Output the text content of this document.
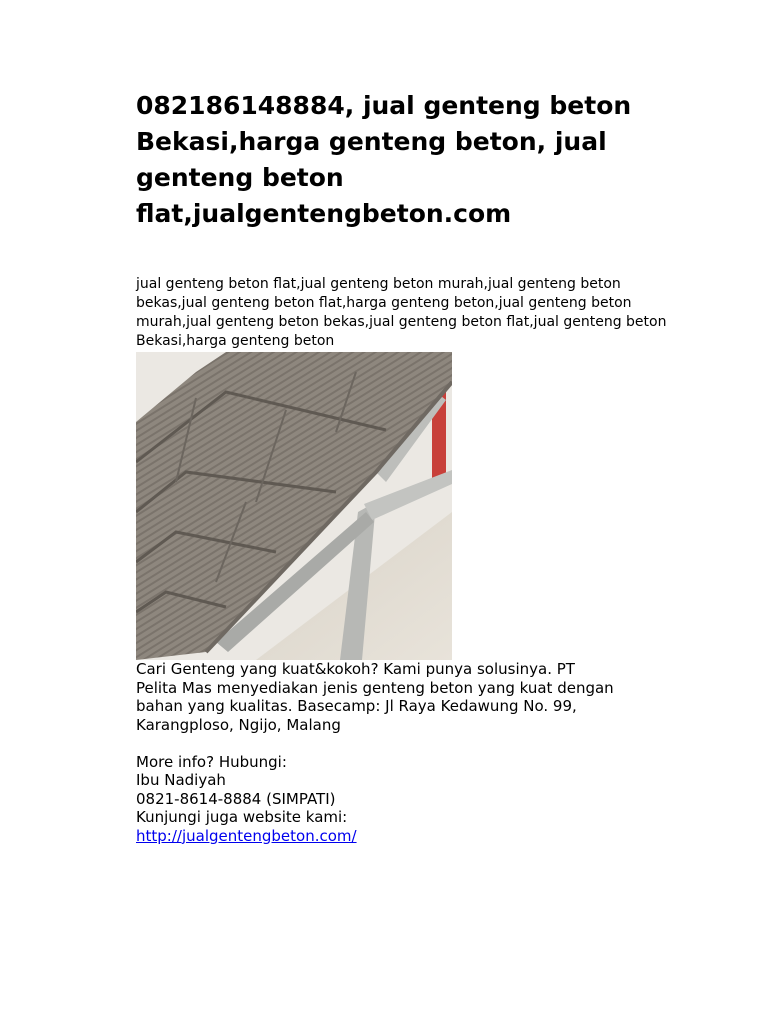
082186148884, jual genteng beton Bekasi,harga genteng beton, jual genteng beton flat,jualgentengbeton.com

jual genteng beton flat,jual genteng beton murah,jual genteng beton bekas,jual genteng beton flat,harga genteng beton,jual genteng beton murah,jual genteng beton bekas,jual genteng beton flat,jual genteng beton Bekasi,harga genteng beton

Cari Genteng yang kuat&kokoh? Kami punya solusinya. PT

Pelita Mas menyediakan jenis genteng beton yang kuat dengan

bahan yang kualitas. Basecamp: Jl Raya Kedawung No. 99,

Karangploso, Ngijo, Malang

More info? Hubungi:

Ibu Nadiyah

0821-8614-8884 (SIMPATI)

Kunjungi juga website kami:

http://jualgentengbeton.com/
